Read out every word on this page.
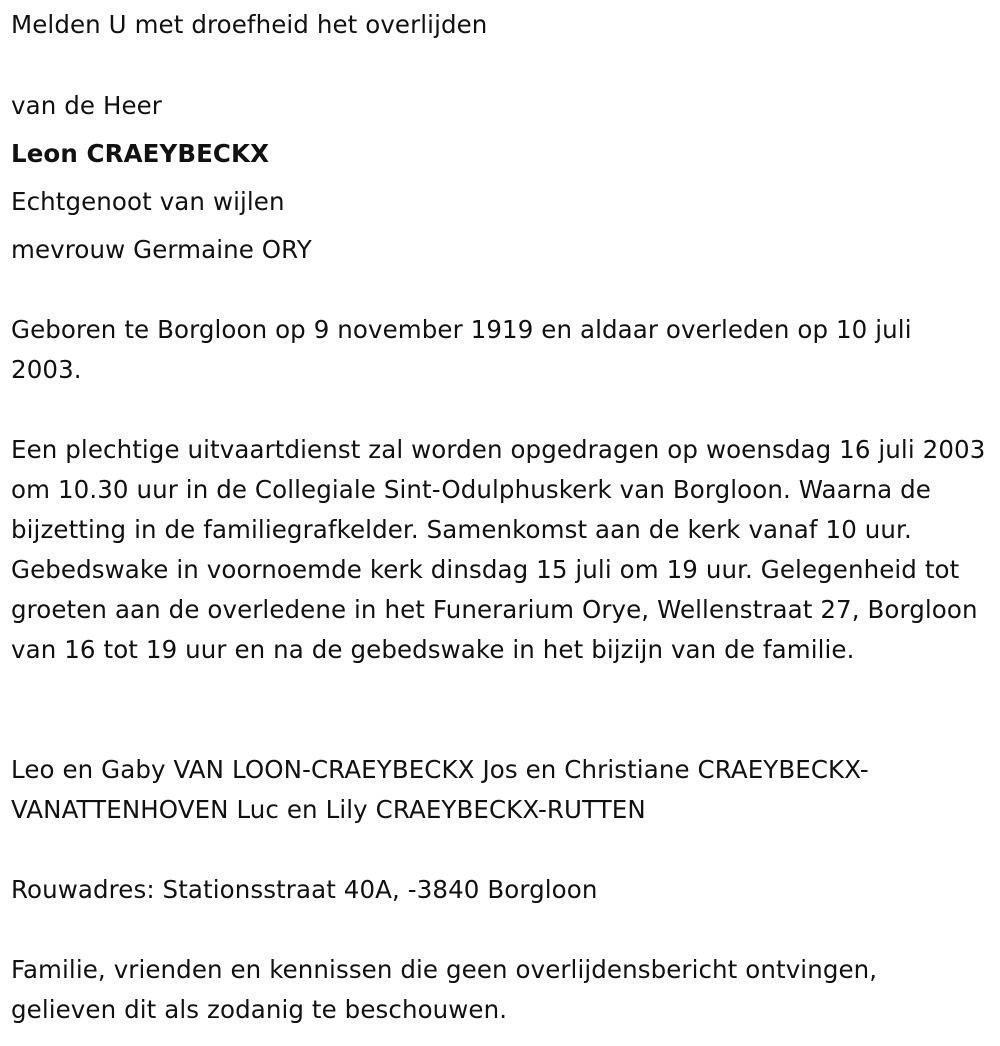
Melden U met droefheid het overlijden
van de Heer
Leon CRAEYBECKX
Echtgenoot van wijlen
mevrouw Germaine ORY
Geboren te Borgloon op 9 november 1919 en aldaar overleden op 10 juli 2003.
Een plechtige uitvaartdienst zal worden opgedragen op woensdag 16 juli 2003 om 10.30 uur in de Collegiale Sint-Odulphuskerk van Borgloon. Waarna de bijzetting in de familiegrafkelder. Samenkomst aan de kerk vanaf 10 uur. Gebedswake in voornoemde kerk dinsdag 15 juli om 19 uur. Gelegenheid tot groeten aan de overledene in het Funerarium Orye, Wellenstraat 27, Borgloon van 16 tot 19 uur en na de gebedswake in het bijzijn van de familie.
Leo en Gaby VAN LOON-CRAEYBECKX Jos en Christiane CRAEYBECKX-VANATTENHOVEN Luc en Lily CRAEYBECKX-RUTTEN
Rouwadres: Stationsstraat 40A, -3840 Borgloon
Familie, vrienden en kennissen die geen overlijdensbericht ontvingen, gelieven dit als zodanig te beschouwen.
